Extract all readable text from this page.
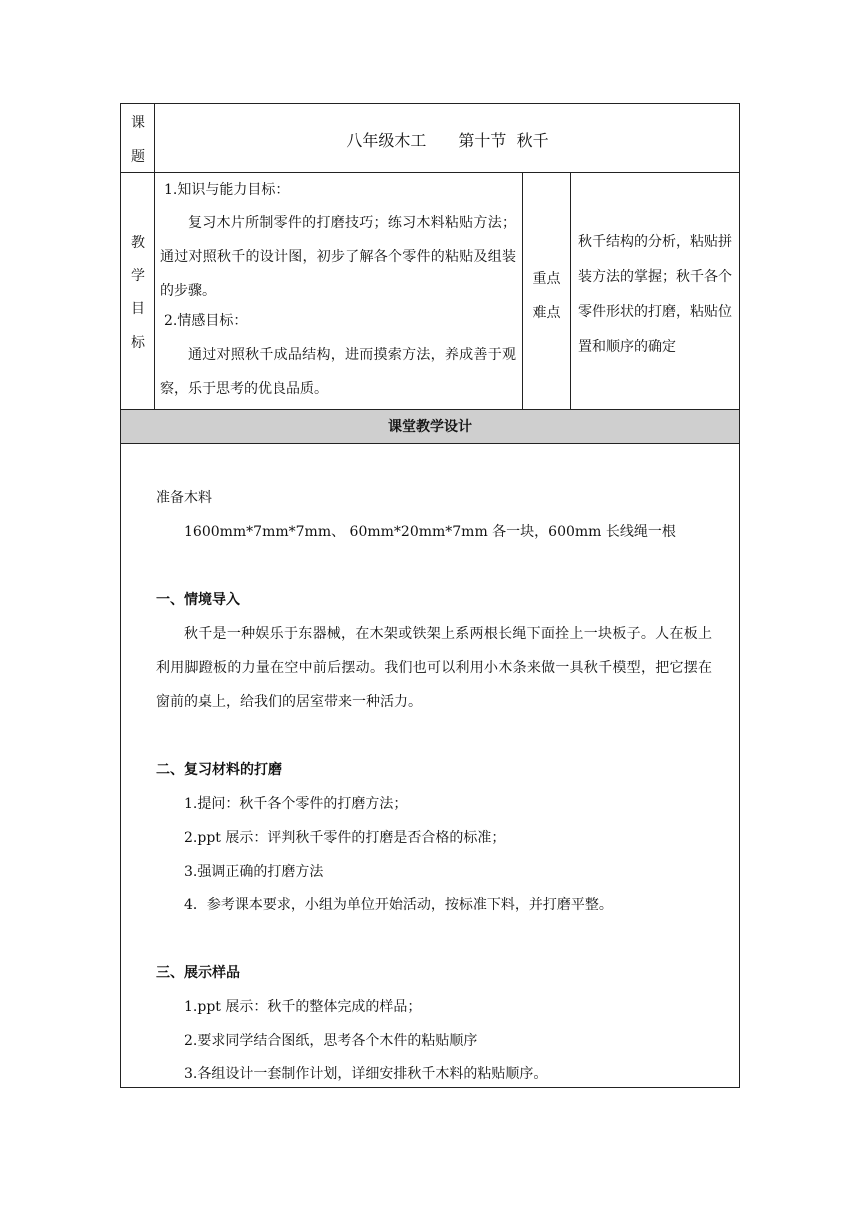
课堂教学设计
课
题
八年级木工　　第十节  秋千
教
学
目
标
1.知识与能力目标：
复习木片所制零件的打磨技巧；练习木料粘贴方法；通过对照秋千的设计图，初步了解各个零件的粘贴及组装的步骤。
2.情感目标：
通过对照秋千成品结构，进而摸索方法，养成善于观察，乐于思考的优良品质。
重点
难点
秋千结构的分析，粘贴拼装方法的掌握；秋千各个零件形状的打磨，粘贴位置和顺序的确定
准备木料
1600mm*7mm*7mm、 60mm*20mm*7mm 各一块，600mm 长线绳一根
一、情境导入
秋千是一种娱乐于东器械，在木架或铁架上系两根长绳下面拴上一块板子。人在板上利用脚蹬板的力量在空中前后摆动。我们也可以利用小木条来做一具秋千模型，把它摆在窗前的桌上，给我们的居室带来一种活力。
二、复习材料的打磨
1.提问：秋千各个零件的打磨方法；
2.ppt 展示：评判秋千零件的打磨是否合格的标准；
3.强调正确的打磨方法
4．参考课本要求，小组为单位开始活动，按标准下料，并打磨平整。
三、展示样品
1.ppt 展示：秋千的整体完成的样品；
2.要求同学结合图纸，思考各个木件的粘贴顺序
3.各组设计一套制作计划，详细安排秋千木料的粘贴顺序。
